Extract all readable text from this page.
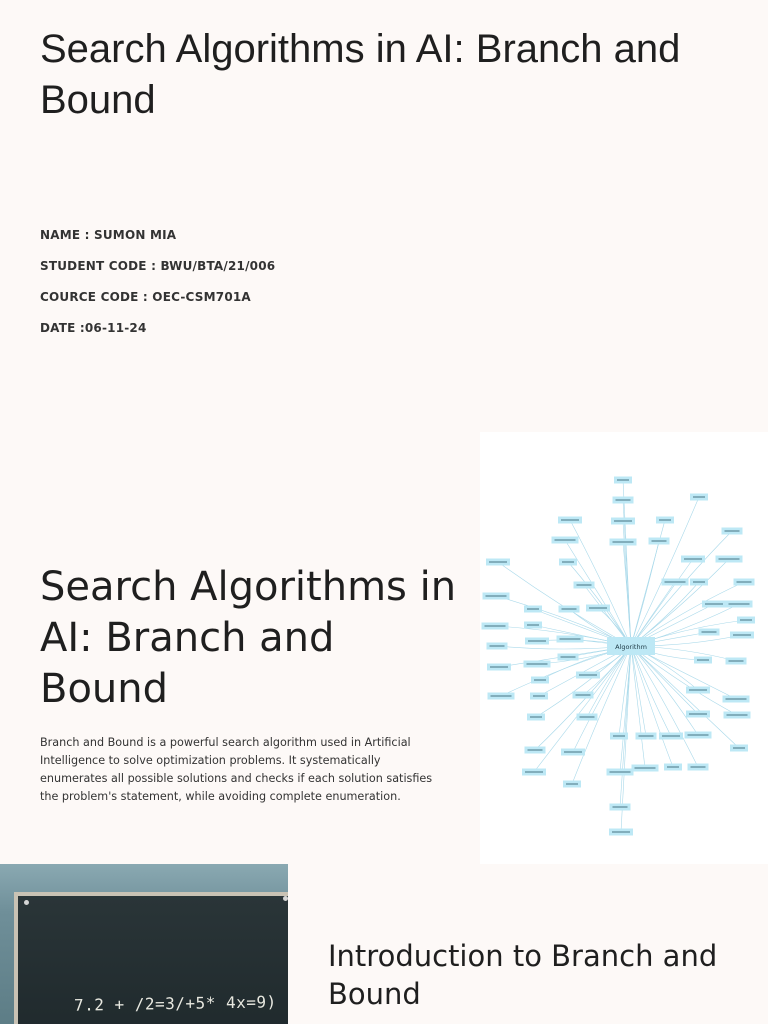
Search Algorithms in AI: Branch and Bound

NAME : SUMON MIA

STUDENT CODE : BWU/BTA/21/006

COURCE CODE : OEC-CSM701A

DATE :06-11-24

Search Algorithms in AI: Branch and Bound

Branch and Bound is a powerful search algorithm used in Artificial Intelligence to solve optimization problems. It systematically enumerates all possible solutions and checks if each solution satisfies the problem's statement, while avoiding complete enumeration.

Algorithm
7.2 + /2=3/+5* 4x=9)
Introduction to Branch and Bound
